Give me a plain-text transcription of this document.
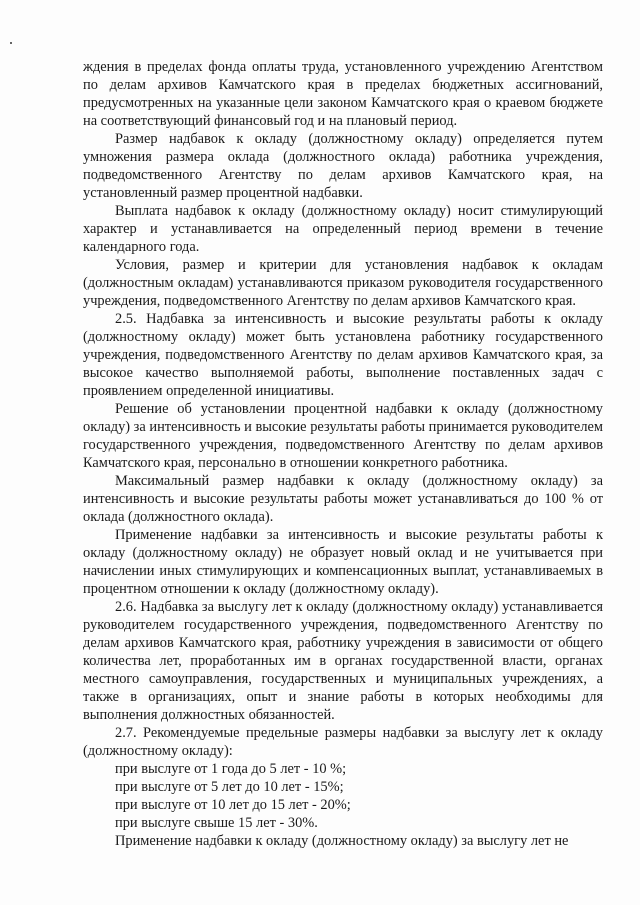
ждения в пределах фонда оплаты труда, установленного учреждению Агентством по делам архивов Камчатского края в пределах бюджетных ассигнований, предусмотренных на указанные цели законом Камчатского края о краевом бюджете на соответствующий финансовый год и на плановый период.

Размер надбавок к окладу (должностному окладу) определяется путем умножения размера оклада (должностного оклада) работника учреждения, подведомственного Агентству по делам архивов Камчатского края, на установленный размер процентной надбавки.

Выплата надбавок к окладу (должностному окладу) носит стимулирующий характер и устанавливается на определенный период времени в течение календарного года.

Условия, размер и критерии для установления надбавок к окладам (должностным окладам) устанавливаются приказом руководителя государственного учреждения, подведомственного Агентству по делам архивов Камчатского края.

2.5. Надбавка за интенсивность и высокие результаты работы к окладу (должностному окладу) может быть установлена работнику государственного учреждения, подведомственного Агентству по делам архивов Камчатского края, за высокое качество выполняемой работы, выполнение поставленных задач с проявлением определенной инициативы.

Решение об установлении процентной надбавки к окладу (должностному окладу) за интенсивность и высокие результаты работы принимается руководителем государственного учреждения, подведомственного Агентству по делам архивов Камчатского края, персонально в отношении конкретного работника.

Максимальный размер надбавки к окладу (должностному окладу) за интенсивность и высокие результаты работы может устанавливаться до 100 % от оклада (должностного оклада).

Применение надбавки за интенсивность и высокие результаты работы к окладу (должностному окладу) не образует новый оклад и не учитывается при начислении иных стимулирующих и компенсационных выплат, устанавливаемых в процентном отношении к окладу (должностному окладу).

2.6. Надбавка за выслугу лет к окладу (должностному окладу) устанавливается руководителем государственного учреждения, подведомственного Агентству по делам архивов Камчатского края, работнику учреждения в зависимости от общего количества лет, проработанных им в органах государственной власти, органах местного самоуправления, государственных и муниципальных учреждениях, а также в организациях, опыт и знание работы в которых необходимы для выполнения должностных обязанностей.

2.7. Рекомендуемые предельные размеры надбавки за выслугу лет к окладу (должностному окладу):

при выслуге от 1 года до 5 лет - 10 %;

при выслуге от 5 лет до 10 лет - 15%;

при выслуге от 10 лет до 15 лет - 20%;

при выслуге свыше 15 лет - 30%.

Применение надбавки к окладу (должностному окладу) за выслугу лет не
